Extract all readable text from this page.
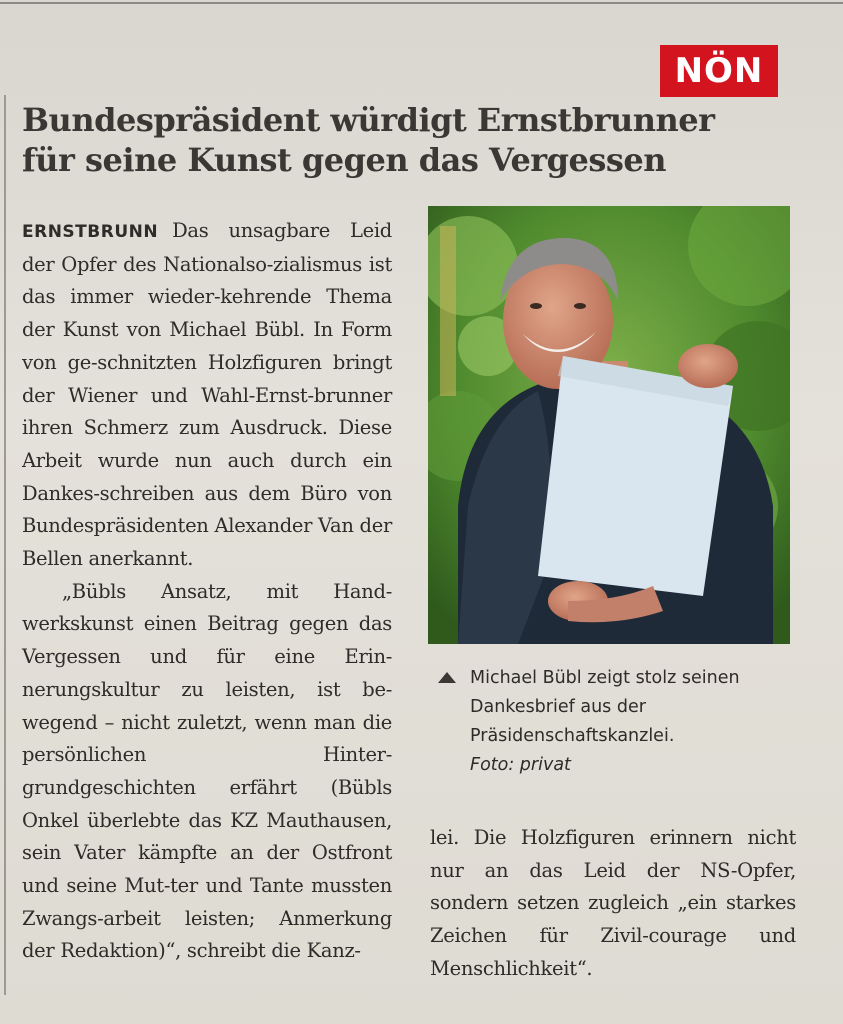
NÖN
Bundespräsident würdigt Ernstbrunner für seine Kunst gegen das Vergessen

ERNSTBRUNN Das unsagbare Leid der Opfer des Nationalso-zialismus ist das immer wieder-kehrende Thema der Kunst von Michael Bübl. In Form von ge-schnitzten Holzfiguren bringt der Wiener und Wahl-Ernst-brunner ihren Schmerz zum Ausdruck. Diese Arbeit wurde nun auch durch ein Dankes-schreiben aus dem Büro von Bundespräsidenten Alexander Van der Bellen anerkannt.

„Bübls Ansatz, mit Hand-werkskunst einen Beitrag gegen das Vergessen und für eine Erin-nerungskultur zu leisten, ist be-wegend – nicht zuletzt, wenn man die persönlichen Hinter-grundgeschichten erfährt (Bübls Onkel überlebte das KZ Mauthausen, sein Vater kämpfte an der Ostfront und seine Mut-ter und Tante mussten Zwangs-arbeit leisten; Anmerkung der Redaktion)“, schreibt die Kanz-

Michael Bübl zeigt stolz seinen Dankesbrief aus der Präsidenschaftskanzlei.
Foto: privat

lei. Die Holzfiguren erinnern nicht nur an das Leid der NS-Opfer, sondern setzen zugleich „ein starkes Zeichen für Zivil-courage und Menschlichkeit“.
